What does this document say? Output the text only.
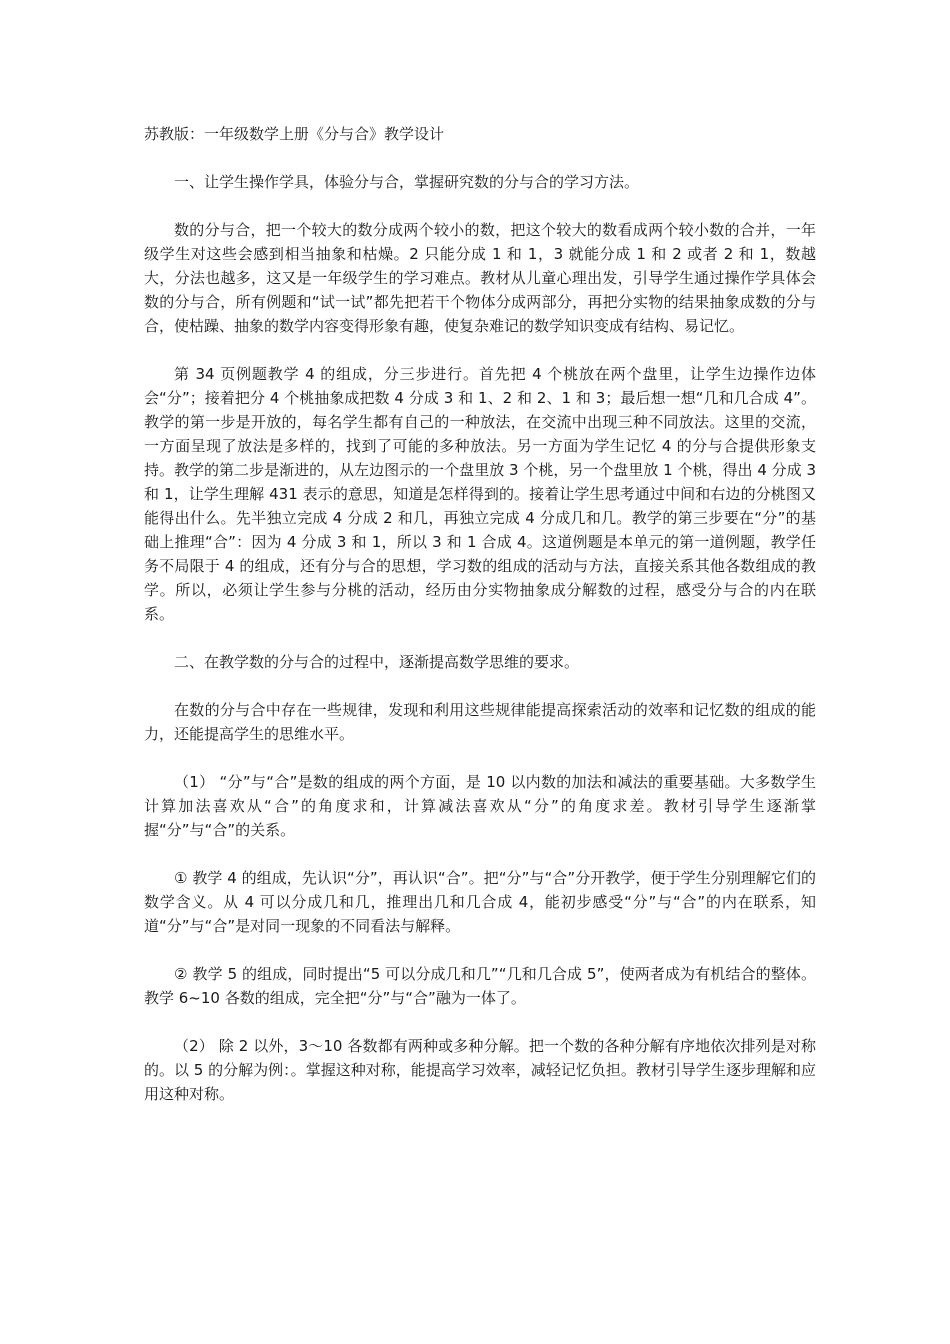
苏教版：一年级数学上册《分与合》教学设计

一、让学生操作学具，体验分与合，掌握研究数的分与合的学习方法。

数的分与合，把一个较大的数分成两个较小的数，把这个较大的数看成两个较小数的合并，一年级学生对这些会感到相当抽象和枯燥。2 只能分成 1 和 1，3 就能分成 1 和 2 或者 2 和 1，数越大，分法也越多，这又是一年级学生的学习难点。教材从儿童心理出发，引导学生通过操作学具体会数的分与合，所有例题和“试一试”都先把若干个物体分成两部分，再把分实物的结果抽象成数的分与合，使枯躁、抽象的数学内容变得形象有趣，使复杂难记的数学知识变成有结构、易记忆。

第 34 页例题教学 4 的组成，分三步进行。首先把 4 个桃放在两个盘里，让学生边操作边体会“分”；接着把分 4 个桃抽象成把数 4 分成 3 和 1、2 和 2、1 和 3；最后想一想“几和几合成 4”。教学的第一步是开放的，每名学生都有自己的一种放法，在交流中出现三种不同放法。这里的交流，一方面呈现了放法是多样的，找到了可能的多种放法。另一方面为学生记忆 4 的分与合提供形象支持。教学的第二步是渐进的，从左边图示的一个盘里放 3 个桃，另一个盘里放 1 个桃，得出 4 分成 3 和 1，让学生理解 431 表示的意思，知道是怎样得到的。接着让学生思考通过中间和右边的分桃图又能得出什么。先半独立完成 4 分成 2 和几，再独立完成 4 分成几和几。教学的第三步要在“分”的基础上推理“合”：因为 4 分成 3 和 1，所以 3 和 1 合成 4。这道例题是本单元的第一道例题，教学任务不局限于 4 的组成，还有分与合的思想，学习数的组成的活动与方法，直接关系其他各数组成的教学。所以，必须让学生参与分桃的活动，经历由分实物抽象成分解数的过程，感受分与合的内在联系。

二、在教学数的分与合的过程中，逐渐提高数学思维的要求。

在数的分与合中存在一些规律，发现和利用这些规律能提高探索活动的效率和记忆数的组成的能力，还能提高学生的思维水平。

（1） “分”与“合”是数的组成的两个方面，是 10 以内数的加法和减法的重要基础。大多数学生计算加法喜欢从“合”的角度求和，计算减法喜欢从“分”的角度求差。教材引导学生逐渐掌握“分”与“合”的关系。

① 教学 4 的组成，先认识“分”，再认识“合”。把“分”与“合”分开教学，便于学生分别理解它们的数学含义。从 4 可以分成几和几，推理出几和几合成 4，能初步感受“分”与“合”的内在联系，知道“分”与“合”是对同一现象的不同看法与解释。

② 教学 5 的组成，同时提出“5 可以分成几和几”“几和几合成 5”，使两者成为有机结合的整体。教学 6~10 各数的组成，完全把“分”与“合”融为一体了。

（2） 除 2 以外，3～10 各数都有两种或多种分解。把一个数的各种分解有序地依次排列是对称的。以 5 的分解为例：。掌握这种对称，能提高学习效率，减轻记忆负担。教材引导学生逐步理解和应用这种对称。
